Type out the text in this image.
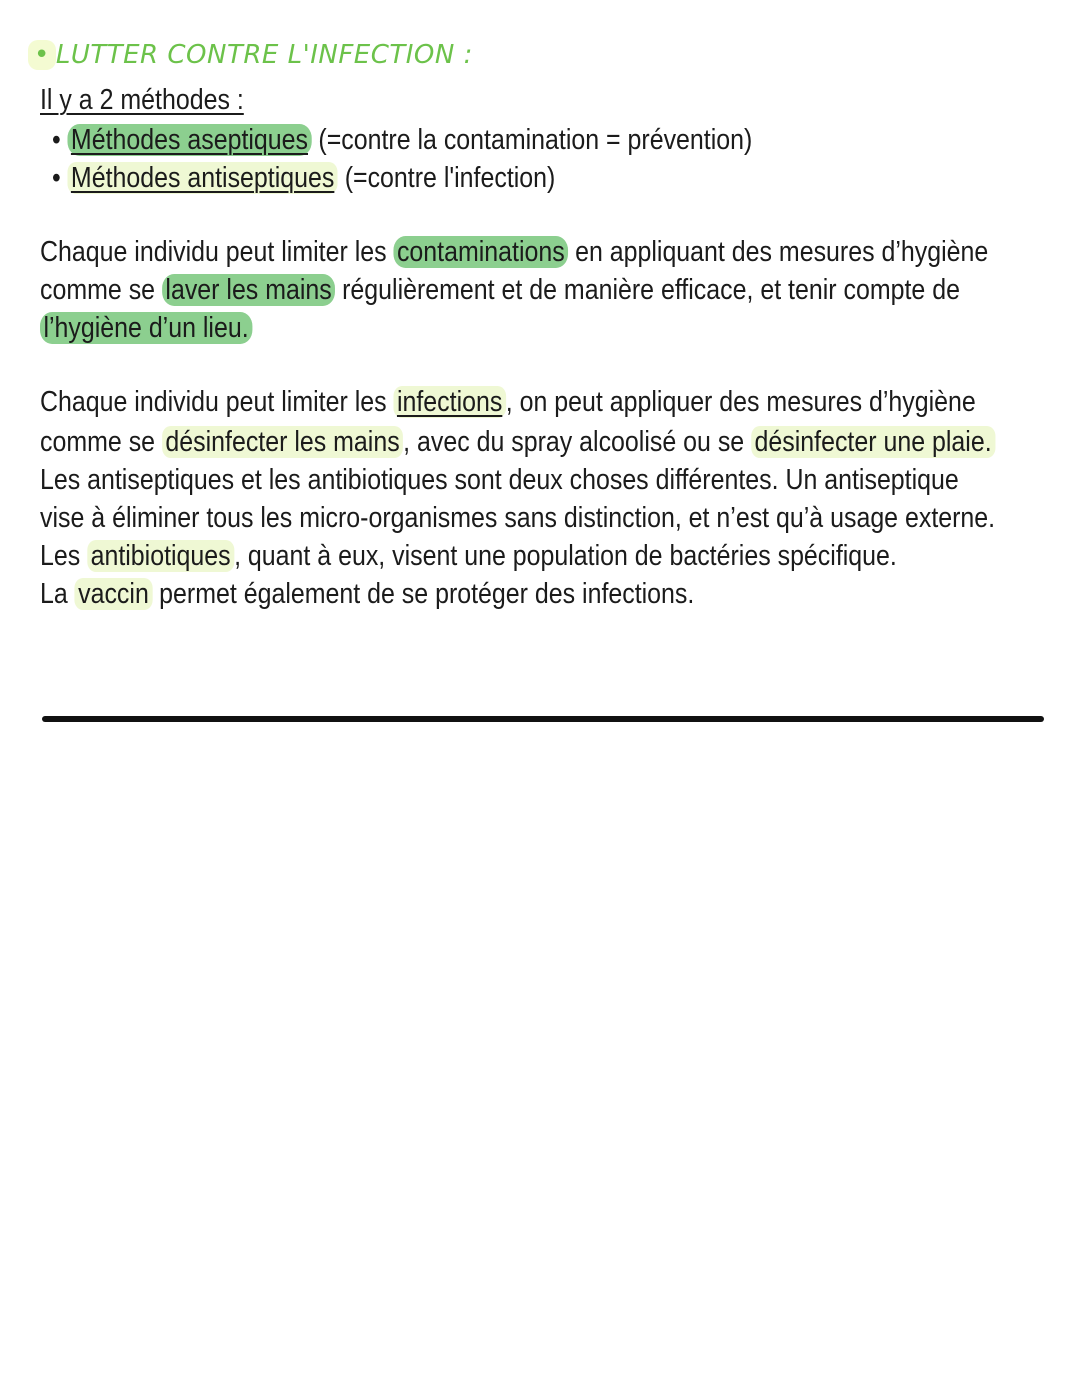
• LUTTER CONTRE L'INFECTION :
Il y a 2 méthodes :
• Méthodes aseptiques (=contre la contamination = prévention)
• Méthodes antiseptiques (=contre l'infection)
Chaque individu peut limiter les contaminations en appliquant des mesures d’hygiène
comme se laver les mains régulièrement et de manière efficace, et tenir compte de
l’hygiène d’un lieu.
Chaque individu peut limiter les infections , on peut appliquer des mesures d’hygiène
comme se désinfecter les mains , avec du spray alcoolisé ou se désinfecter une plaie.
Les antiseptiques et les antibiotiques sont deux choses différentes. Un antiseptique
vise à éliminer tous les micro-organismes sans distinction, et n’est qu’à usage externe.
Les antibiotiques , quant à eux, visent une population de bactéries spécifique.
La vaccin permet également de se protéger des infections.
